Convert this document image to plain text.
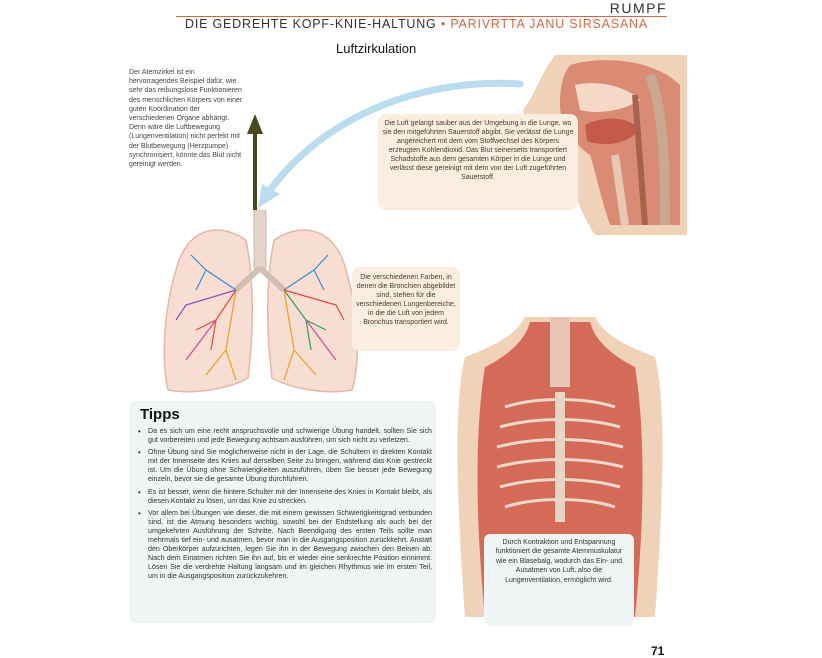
RUMPF
DIE GEDREHTE KOPF-KNIE-HALTUNG • PARIVRTTA JANU SIRSASANA
Luftzirkulation
Der Atemzirkel ist ein hervorragendes Beispiel dafür, wie sehr das reibungslose Funktionieren des menschlichen Körpers von einer guten Koordination der verschiedenen Organe abhängt. Denn wäre die Luftbewegung (Lungenventilation) nicht perfekt mit der Blutbewegung (Herzpumpe) synchronisiert, könnte das Blut nicht gereinigt werden.
Die Luft gelangt sauber aus der Umgebung in die Lunge, wo sie den mitgeführten Sauerstoff abgibt. Sie verlässt die Lunge angereichert mit dem vom Stoffwechsel des Körpers erzeugten Kohlendioxid. Das Blut seinerseits transportiert Schadstoffe aus dem gesamten Körper in die Lunge und verlässt diese gereinigt mit dem von der Luft zugeführten Sauerstoff.
Die verschiedenen Farben, in denen die Bronchien abgebildet sind, stehen für die verschiedenen Lungenbereiche, in die die Luft von jedem Bronchus transportiert wird.
Durch Kontraktion und Entspannung funktioniert die gesamte Atemmuskulatur wie ein Blasebalg, wodurch das Ein- und Ausatmen von Luft, also die Lungenventilation, ermöglicht wird.
Tipps
• Da es sich um eine recht anspruchsvolle und schwierige Übung handelt, sollten Sie sich gut vorbereiten und jede Bewegung achtsam ausführen, um sich nicht zu verletzen.
• Ohne Übung sind Sie möglicherweise nicht in der Lage, die Schultern in direkten Kontakt mit der Innenseite des Knies auf derselben Seite zu bringen, während das Knie gestreckt ist. Um die Übung ohne Schwierigkeiten auszuführen, üben Sie besser jede Bewegung einzeln, bevor sie die gesamte Übung durchführen.
• Es ist besser, wenn die hintere Schulter mit der Innenseite des Knies in Kontakt bleibt, als diesen Kontakt zu lösen, um das Knie zu strecken.
• Vor allem bei Übungen wie dieser, die mit einem gewissen Schwierigkeitsgrad verbunden sind, ist die Atmung besonders wichtig, sowohl bei der Endstellung als auch bei der umgekehrten Ausführung der Schritte. Nach Beendigung des ersten Teils sollte man mehrmals tief ein- und ausatmen, bevor man in die Ausgangsposition zurückkehrt. Anstatt den Oberkörper aufzurichten, legen Sie ihn in der Bewegung zwischen den Beinen ab. Nach dem Einatmen richten Sie ihn auf, bis er wieder eine senkrechte Position einnimmt. Lösen Sie die verdrehte Haltung langsam und im gleichen Rhythmus wie im ersten Teil, um in die Ausgangsposition zurückzukehren.
71
